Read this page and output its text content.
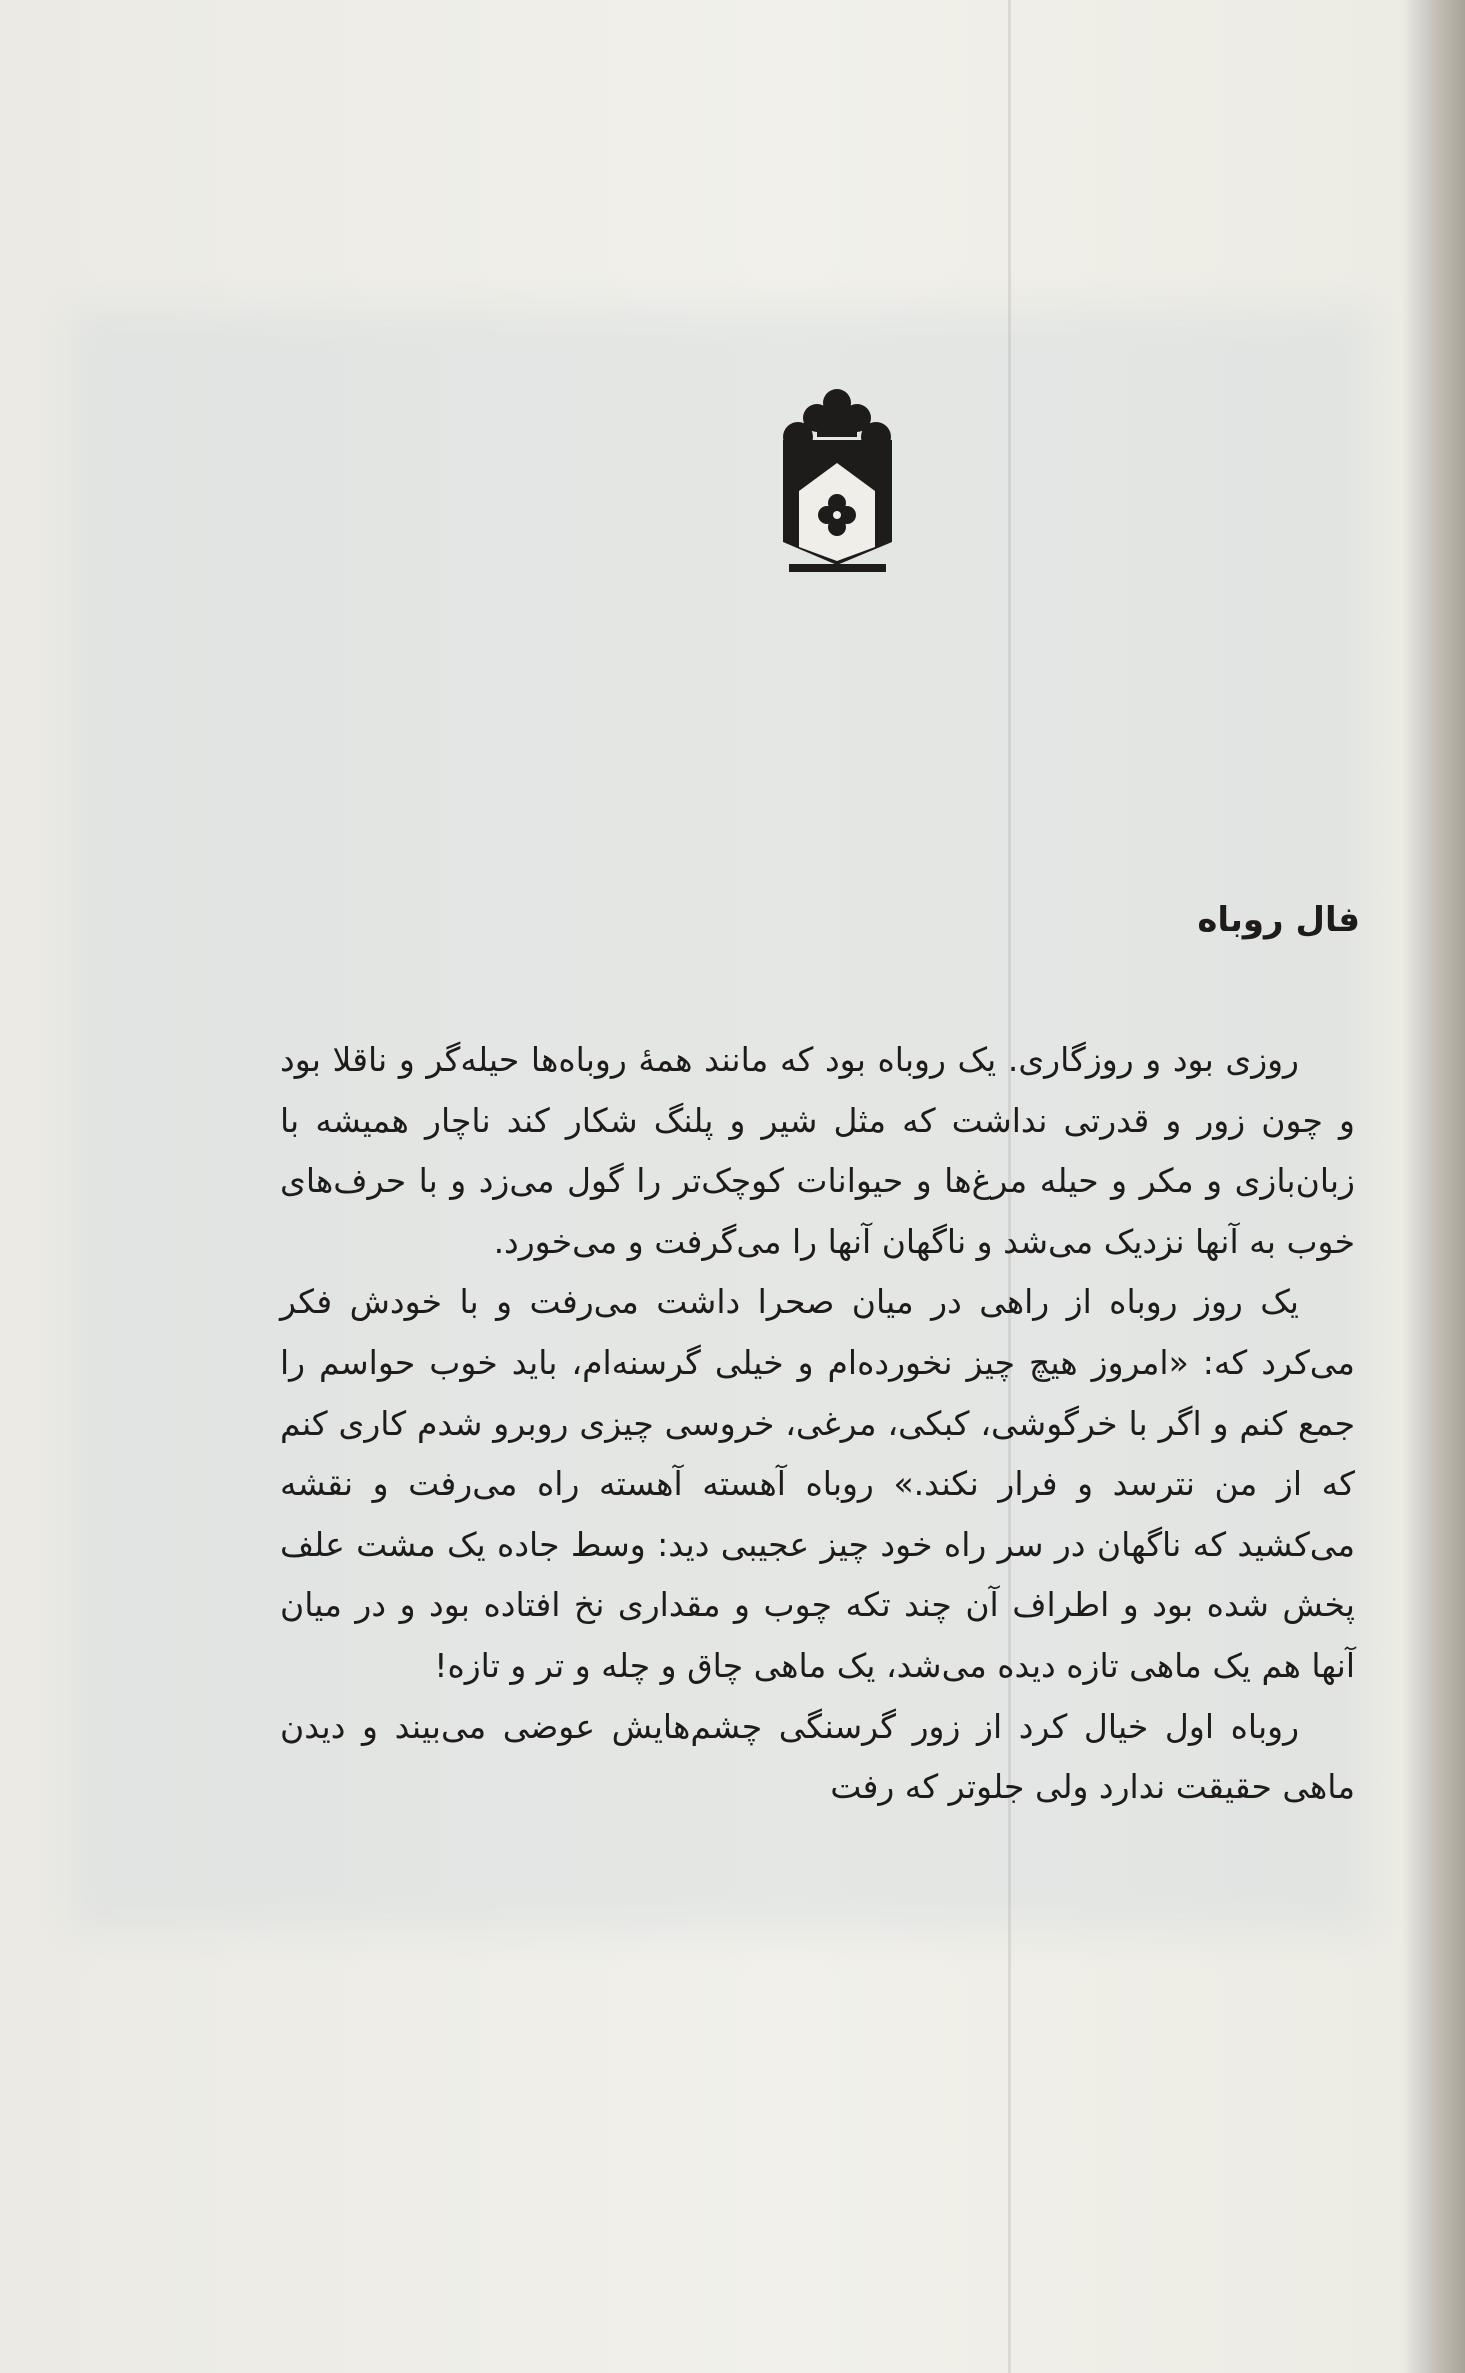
فال روباه

روزی بود و روزگاری. یک روباه بود که مانند همهٔ روباه‌ها حیله‌گر و ناقلا بود و چون زور و قدرتی نداشت که مثل شیر و پلنگ شکار کند ناچار همیشه با زبان‌بازی و مکر و حیله مرغ‌ها و حیوانات کوچک‌تر را گول می‌زد و با حرف‌های خوب به آنها نزدیک می‌شد و ناگهان آنها را می‌گرفت و می‌خورد.

یک روز روباه از راهی در میان صحرا داشت می‌رفت و با خودش فکر می‌کرد که: «امروز هیچ چیز نخورده‌ام و خیلی گرسنه‌ام، باید خوب حواسم را جمع کنم و اگر با خرگوشی، کبکی، مرغی، خروسی چیزی روبرو شدم کاری کنم که از من نترسد و فرار نکند.» روباه آهسته آهسته راه می‌رفت و نقشه می‌کشید که ناگهان در سر راه خود چیز عجیبی دید: وسط جاده یک مشت علف پخش شده بود و اطراف آن چند تکه چوب و مقداری نخ افتاده بود و در میان آنها هم یک ماهی تازه دیده می‌شد، یک ماهی چاق و چله و تر و تازه!

روباه اول خیال کرد از زور گرسنگی چشم‌هایش عوضی می‌بیند و دیدن ماهی حقیقت ندارد ولی جلوتر که رفت
